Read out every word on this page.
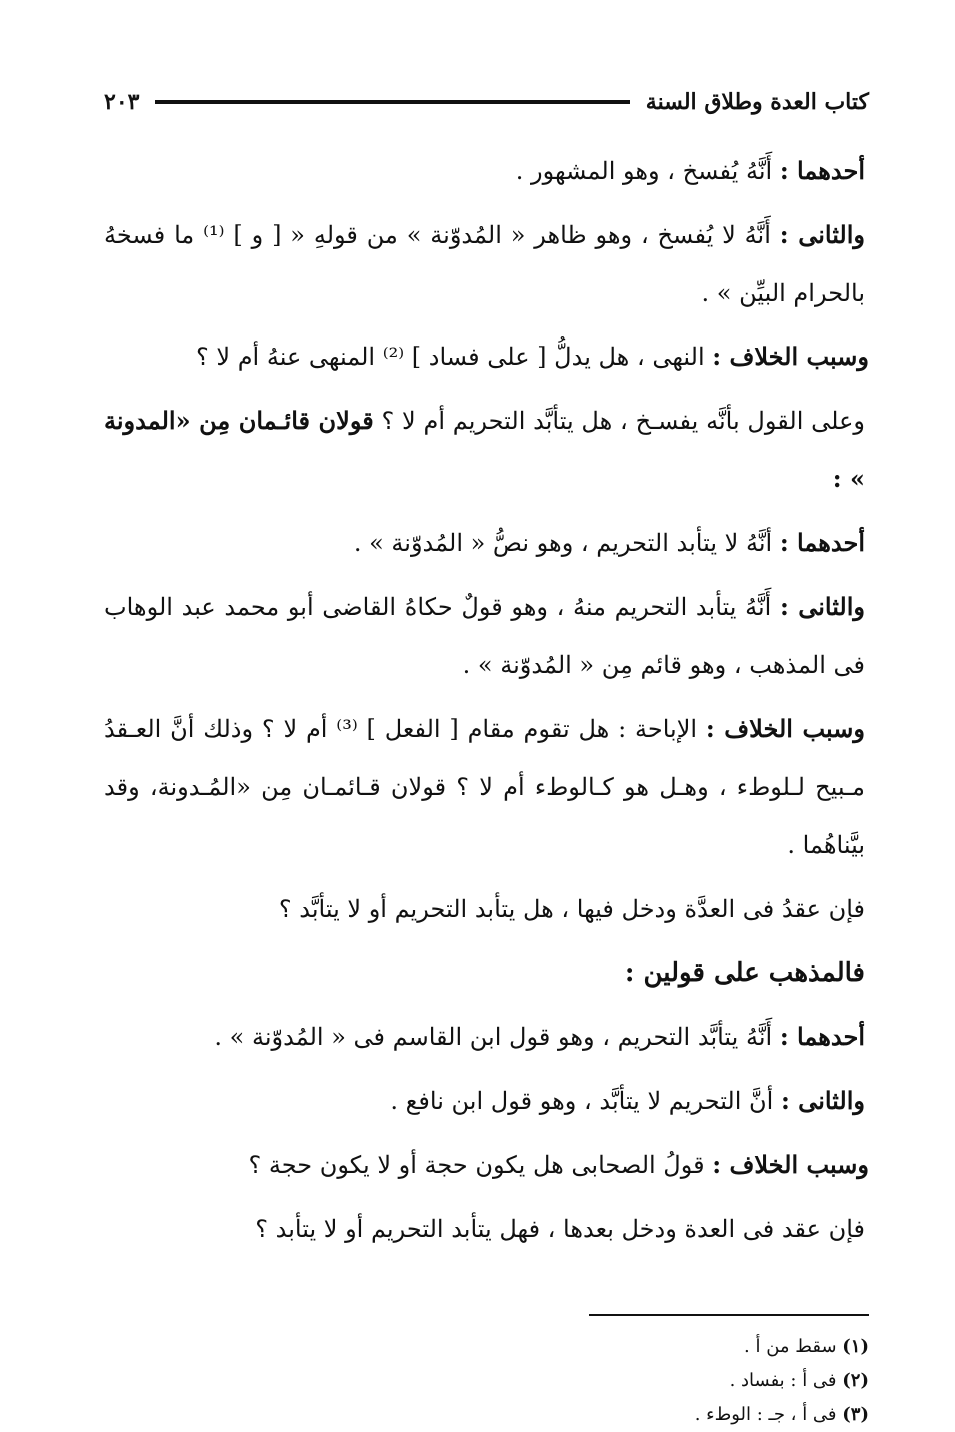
كتاب العدة وطلاق السنة
٢٠٣

أحدهما : أَنَّهُ يُفسخ ، وهو المشهور .

والثانى : أَنَّهُ لا يُفسخ ، وهو ظاهر « المُدوّنة » من قولهِ « [ و ] ⁽¹⁾ ما فسخهُ بالحرام البيِّن » .

وسبب الخلاف : النهى ، هل يدلُّ [ على فساد ] ⁽²⁾ المنهى عنهُ أم لا ؟

وعلى القول بأنَّه يفسـخ ، هل يتأبَّد التحريم أم لا ؟ قولان قائـمان مِن «المدونة » :

أحدهما : أنَّهُ لا يتأبد التحريم ، وهو نصُّ « المُدوّنة » .

والثانى : أَنَّهُ يتأبد التحريم منهُ ، وهو قولٌ حكاهُ القاضى أبو محمد عبد الوهاب فى المذهب ، وهو قائم مِن « المُدوّنة » .

وسبب الخلاف : الإباحة : هل تقوم مقام [ الفعل ] ⁽³⁾ أم لا ؟ وذلك أنَّ العـقدُ مـبيح لـلوطء ، وهـل هو كـالوطء أم لا ؟ قولان قـائمـان مِن «المُـدونة، وقد بيَّناهُما .

فإن عقدُ فى العدَّة ودخل فيها ، هل يتأبد التحريم أو لا يتأبَّد ؟

فالمذهب على قولين :

أحدهما : أَنَّهُ يتأبَّد التحريم ، وهو قول ابن القاسم فى « المُدوّنة » .

والثانى : أنَّ التحريم لا يتأبَّد ، وهو قول ابن نافع .

وسبب الخلاف : قولُ الصحابى هل يكون حجة أو لا يكون حجة ؟

فإن عقد فى العدة ودخل بعدها ، فهل يتأبد التحريم أو لا يتأبد ؟

(١) سقط من أ .

(٢) فى أ : بفساد .

(٣) فى أ ، جـ : الوطء .
